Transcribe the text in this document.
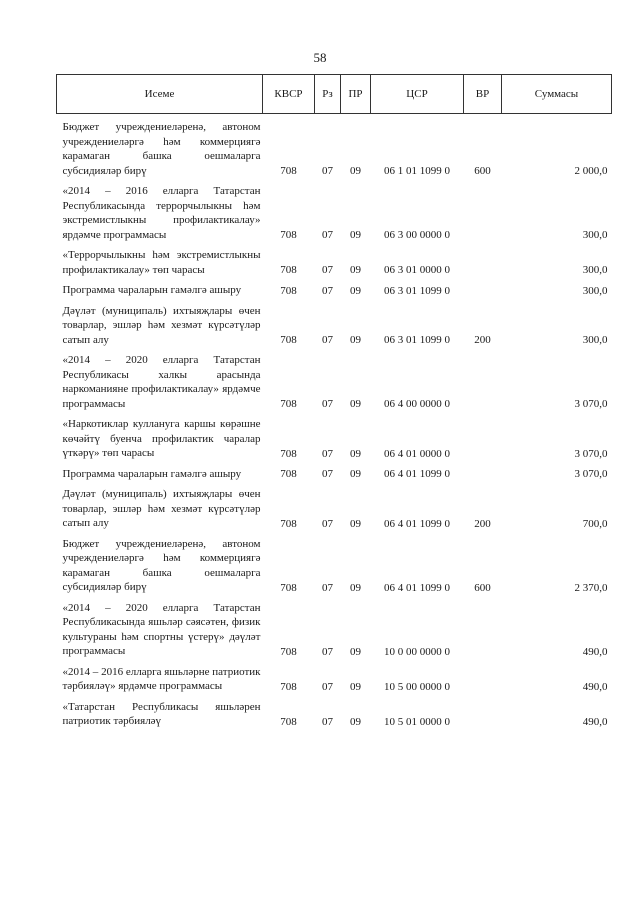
58
Исеме	КВСР	Рз	ПР	ЦСР	ВР	Суммасы
Бюджет учреждениеләренә, автоном учреждениеләргә һәм коммерциягә карамаган башка оешмаларга субсидияләр бирү	708	07	09	06 1 01 1099 0	600	2 000,0
«2014 – 2016 елларга Татарстан Республикасында террорчылыкны һәм экстремистлыкны профилактикалау» ярдәмче программасы	708	07	09	06 3 00 0000 0		300,0
«Террорчылыкны һәм экстремистлыкны профилактикалау» төп чарасы	708	07	09	06 3 01 0000 0		300,0
Программа чараларын гамәлгә ашыру	708	07	09	06 3 01 1099 0		300,0
Дәүләт (муниципаль) ихтыяҗлары өчен товарлар, эшләр һәм хезмәт күрсәтүләр сатып алу	708	07	09	06 3 01 1099 0	200	300,0
«2014 – 2020 елларга Татарстан Республикасы халкы арасында наркоманияне профилактикалау» ярдәмче программасы	708	07	09	06 4 00 0000 0		3 070,0
«Наркотиклар куллануга каршы көрәшне көчәйтү буенча профилактик чаралар үткәрү» төп чарасы	708	07	09	06 4 01 0000 0		3 070,0
Программа чараларын гамәлгә ашыру	708	07	09	06 4 01 1099 0		3 070,0
Дәүләт (муниципаль) ихтыяҗлары өчен товарлар, эшләр һәм хезмәт күрсәтүләр сатып алу	708	07	09	06 4 01 1099 0	200	700,0
Бюджет учреждениеләренә, автоном учреждениеләргә һәм коммерциягә карамаган башка оешмаларга субсидияләр бирү	708	07	09	06 4 01 1099 0	600	2 370,0
«2014 – 2020 елларга Татарстан Республикасында яшьләр сәясәтен, физик культураны һәм спортны үстерү» дәүләт программасы	708	07	09	10 0 00 0000 0		490,0
«2014 – 2016 елларга яшьләрне патриотик тәрбияләү» ярдәмче программасы	708	07	09	10 5 00 0000 0		490,0
«Татарстан Республикасы яшьләрен патриотик тәрбияләү	708	07	09	10 5 01 0000 0		490,0
